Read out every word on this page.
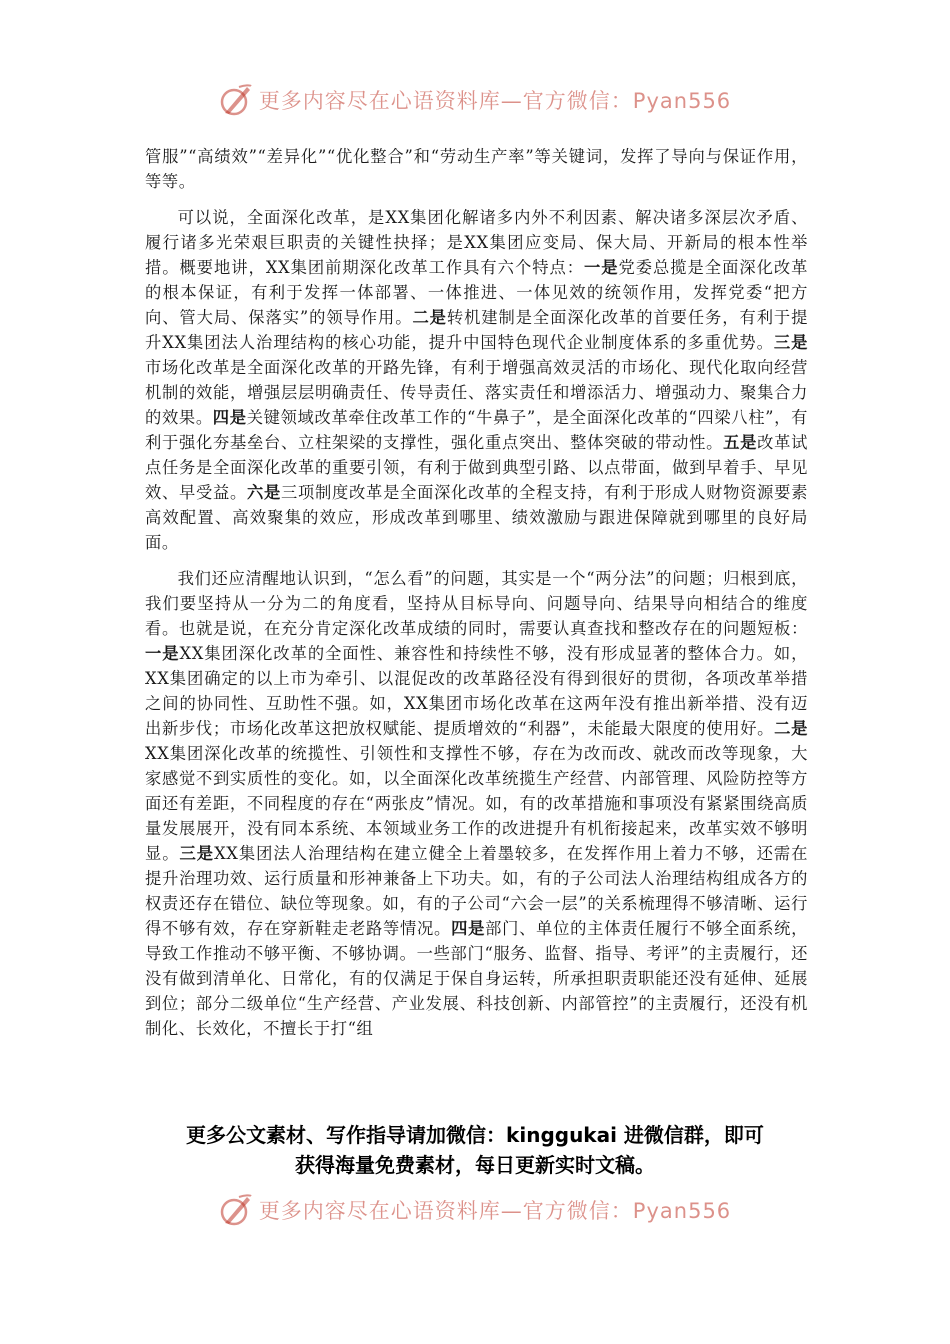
更多内容尽在心语资料库—官方微信：Pyan556

管服”“高绩效”“差异化”“优化整合”和“劳动生产率”等关键词，发挥了导向与保证作用，等等。

可以说，全面深化改革，是XX集团化解诸多内外不利因素、解决诸多深层次矛盾、履行诸多光荣艰巨职责的关键性抉择；是XX集团应变局、保大局、开新局的根本性举措。概要地讲，XX集团前期深化改革工作具有六个特点：一是党委总揽是全面深化改革的根本保证，有利于发挥一体部署、一体推进、一体见效的统领作用，发挥党委“把方向、管大局、保落实”的领导作用。二是转机建制是全面深化改革的首要任务，有利于提升XX集团法人治理结构的核心功能，提升中国特色现代企业制度体系的多重优势。三是市场化改革是全面深化改革的开路先锋，有利于增强高效灵活的市场化、现代化取向经营机制的效能，增强层层明确责任、传导责任、落实责任和增添活力、增强动力、聚集合力的效果。四是关键领域改革牵住改革工作的“牛鼻子”，是全面深化改革的“四梁八柱”，有利于强化夯基垒台、立柱架梁的支撑性，强化重点突出、整体突破的带动性。五是改革试点任务是全面深化改革的重要引领，有利于做到典型引路、以点带面，做到早着手、早见效、早受益。六是三项制度改革是全面深化改革的全程支持，有利于形成人财物资源要素高效配置、高效聚集的效应，形成改革到哪里、绩效激励与跟进保障就到哪里的良好局面。

我们还应清醒地认识到，“怎么看”的问题，其实是一个“两分法”的问题；归根到底，我们要坚持从一分为二的角度看，坚持从目标导向、问题导向、结果导向相结合的维度看。也就是说，在充分肯定深化改革成绩的同时，需要认真查找和整改存在的问题短板：一是XX集团深化改革的全面性、兼容性和持续性不够，没有形成显著的整体合力。如，XX集团确定的以上市为牵引、以混促改的改革路径没有得到很好的贯彻，各项改革举措之间的协同性、互助性不强。如，XX集团市场化改革在这两年没有推出新举措、没有迈出新步伐；市场化改革这把放权赋能、提质增效的“利器”，未能最大限度的使用好。二是XX集团深化改革的统揽性、引领性和支撑性不够，存在为改而改、就改而改等现象，大家感觉不到实质性的变化。如，以全面深化改革统揽生产经营、内部管理、风险防控等方面还有差距，不同程度的存在“两张皮”情况。如，有的改革措施和事项没有紧紧围绕高质量发展展开，没有同本系统、本领域业务工作的改进提升有机衔接起来，改革实效不够明显。三是XX集团法人治理结构在建立健全上着墨较多，在发挥作用上着力不够，还需在提升治理功效、运行质量和形神兼备上下功夫。如，有的子公司法人治理结构组成各方的权责还存在错位、缺位等现象。如，有的子公司“六会一层”的关系梳理得不够清晰、运行得不够有效，存在穿新鞋走老路等情况。四是部门、单位的主体责任履行不够全面系统，导致工作推动不够平衡、不够协调。一些部门“服务、监督、指导、考评”的主责履行，还没有做到清单化、日常化，有的仅满足于保自身运转，所承担职责职能还没有延伸、延展到位；部分二级单位“生产经营、产业发展、科技创新、内部管控”的主责履行，还没有机制化、长效化，不擅长于打“组

更多公文素材、写作指导请加微信：kinggukai 进微信群，即可
获得海量免费素材，每日更新实时文稿。
更多内容尽在心语资料库—官方微信：Pyan556
